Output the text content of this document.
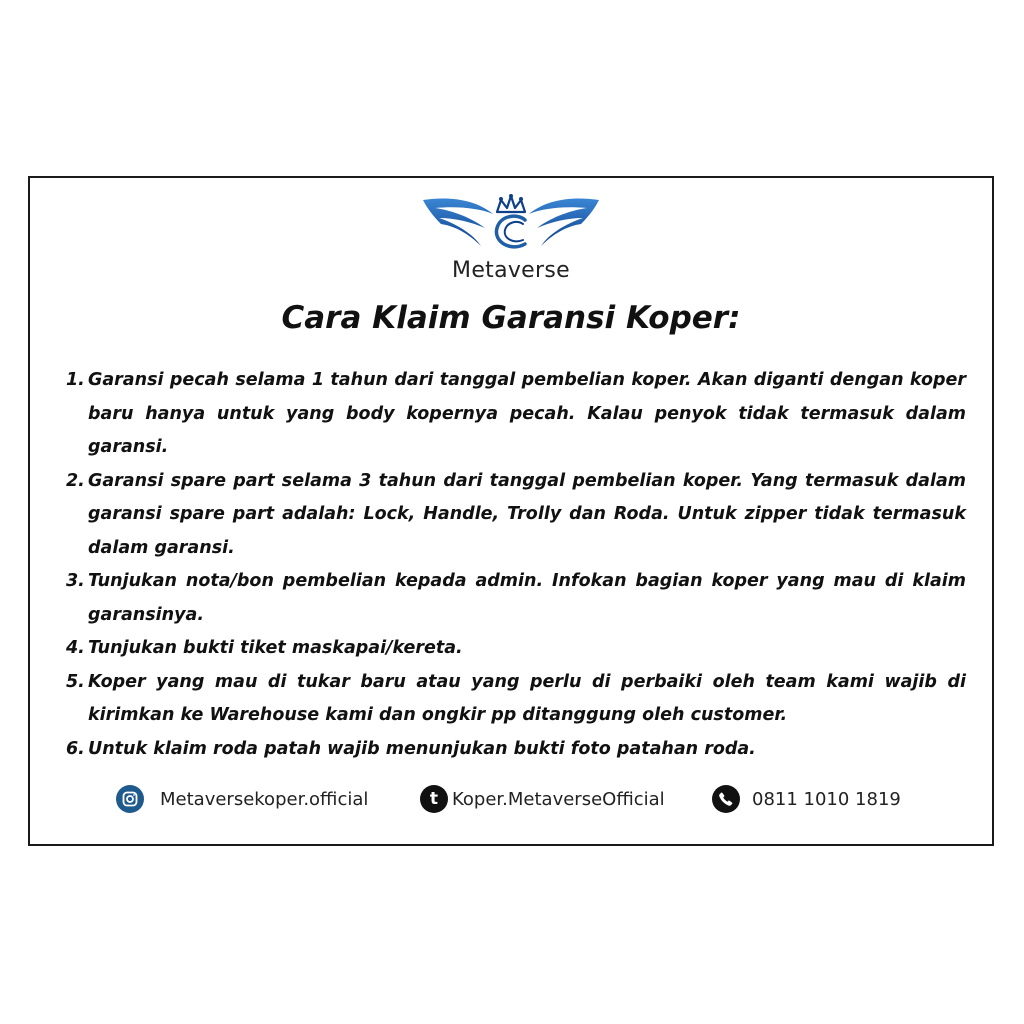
Metaverse
Cara Klaim Garansi Koper:
1. Garansi pecah selama 1 tahun dari tanggal pembelian koper. Akan diganti dengan koper baru hanya untuk yang body kopernya pecah. Kalau penyok tidak termasuk dalam garansi.
2. Garansi spare part selama 3 tahun dari tanggal pembelian koper. Yang termasuk dalam garansi spare part adalah: Lock, Handle, Trolly dan Roda. Untuk zipper tidak termasuk dalam garansi.
3. Tunjukan nota/bon pembelian kepada admin. Infokan bagian koper yang mau di klaim garansinya.
4. Tunjukan bukti tiket maskapai/kereta.
5. Koper yang mau di tukar baru atau yang perlu di perbaiki oleh team kami wajib di kirimkan ke Warehouse kami dan ongkir pp ditanggung oleh customer.
6. Untuk klaim roda patah wajib menunjukan bukti foto patahan roda.
Metaversekoper.official	t Koper.MetaverseOfficial	0811 1010 1819
